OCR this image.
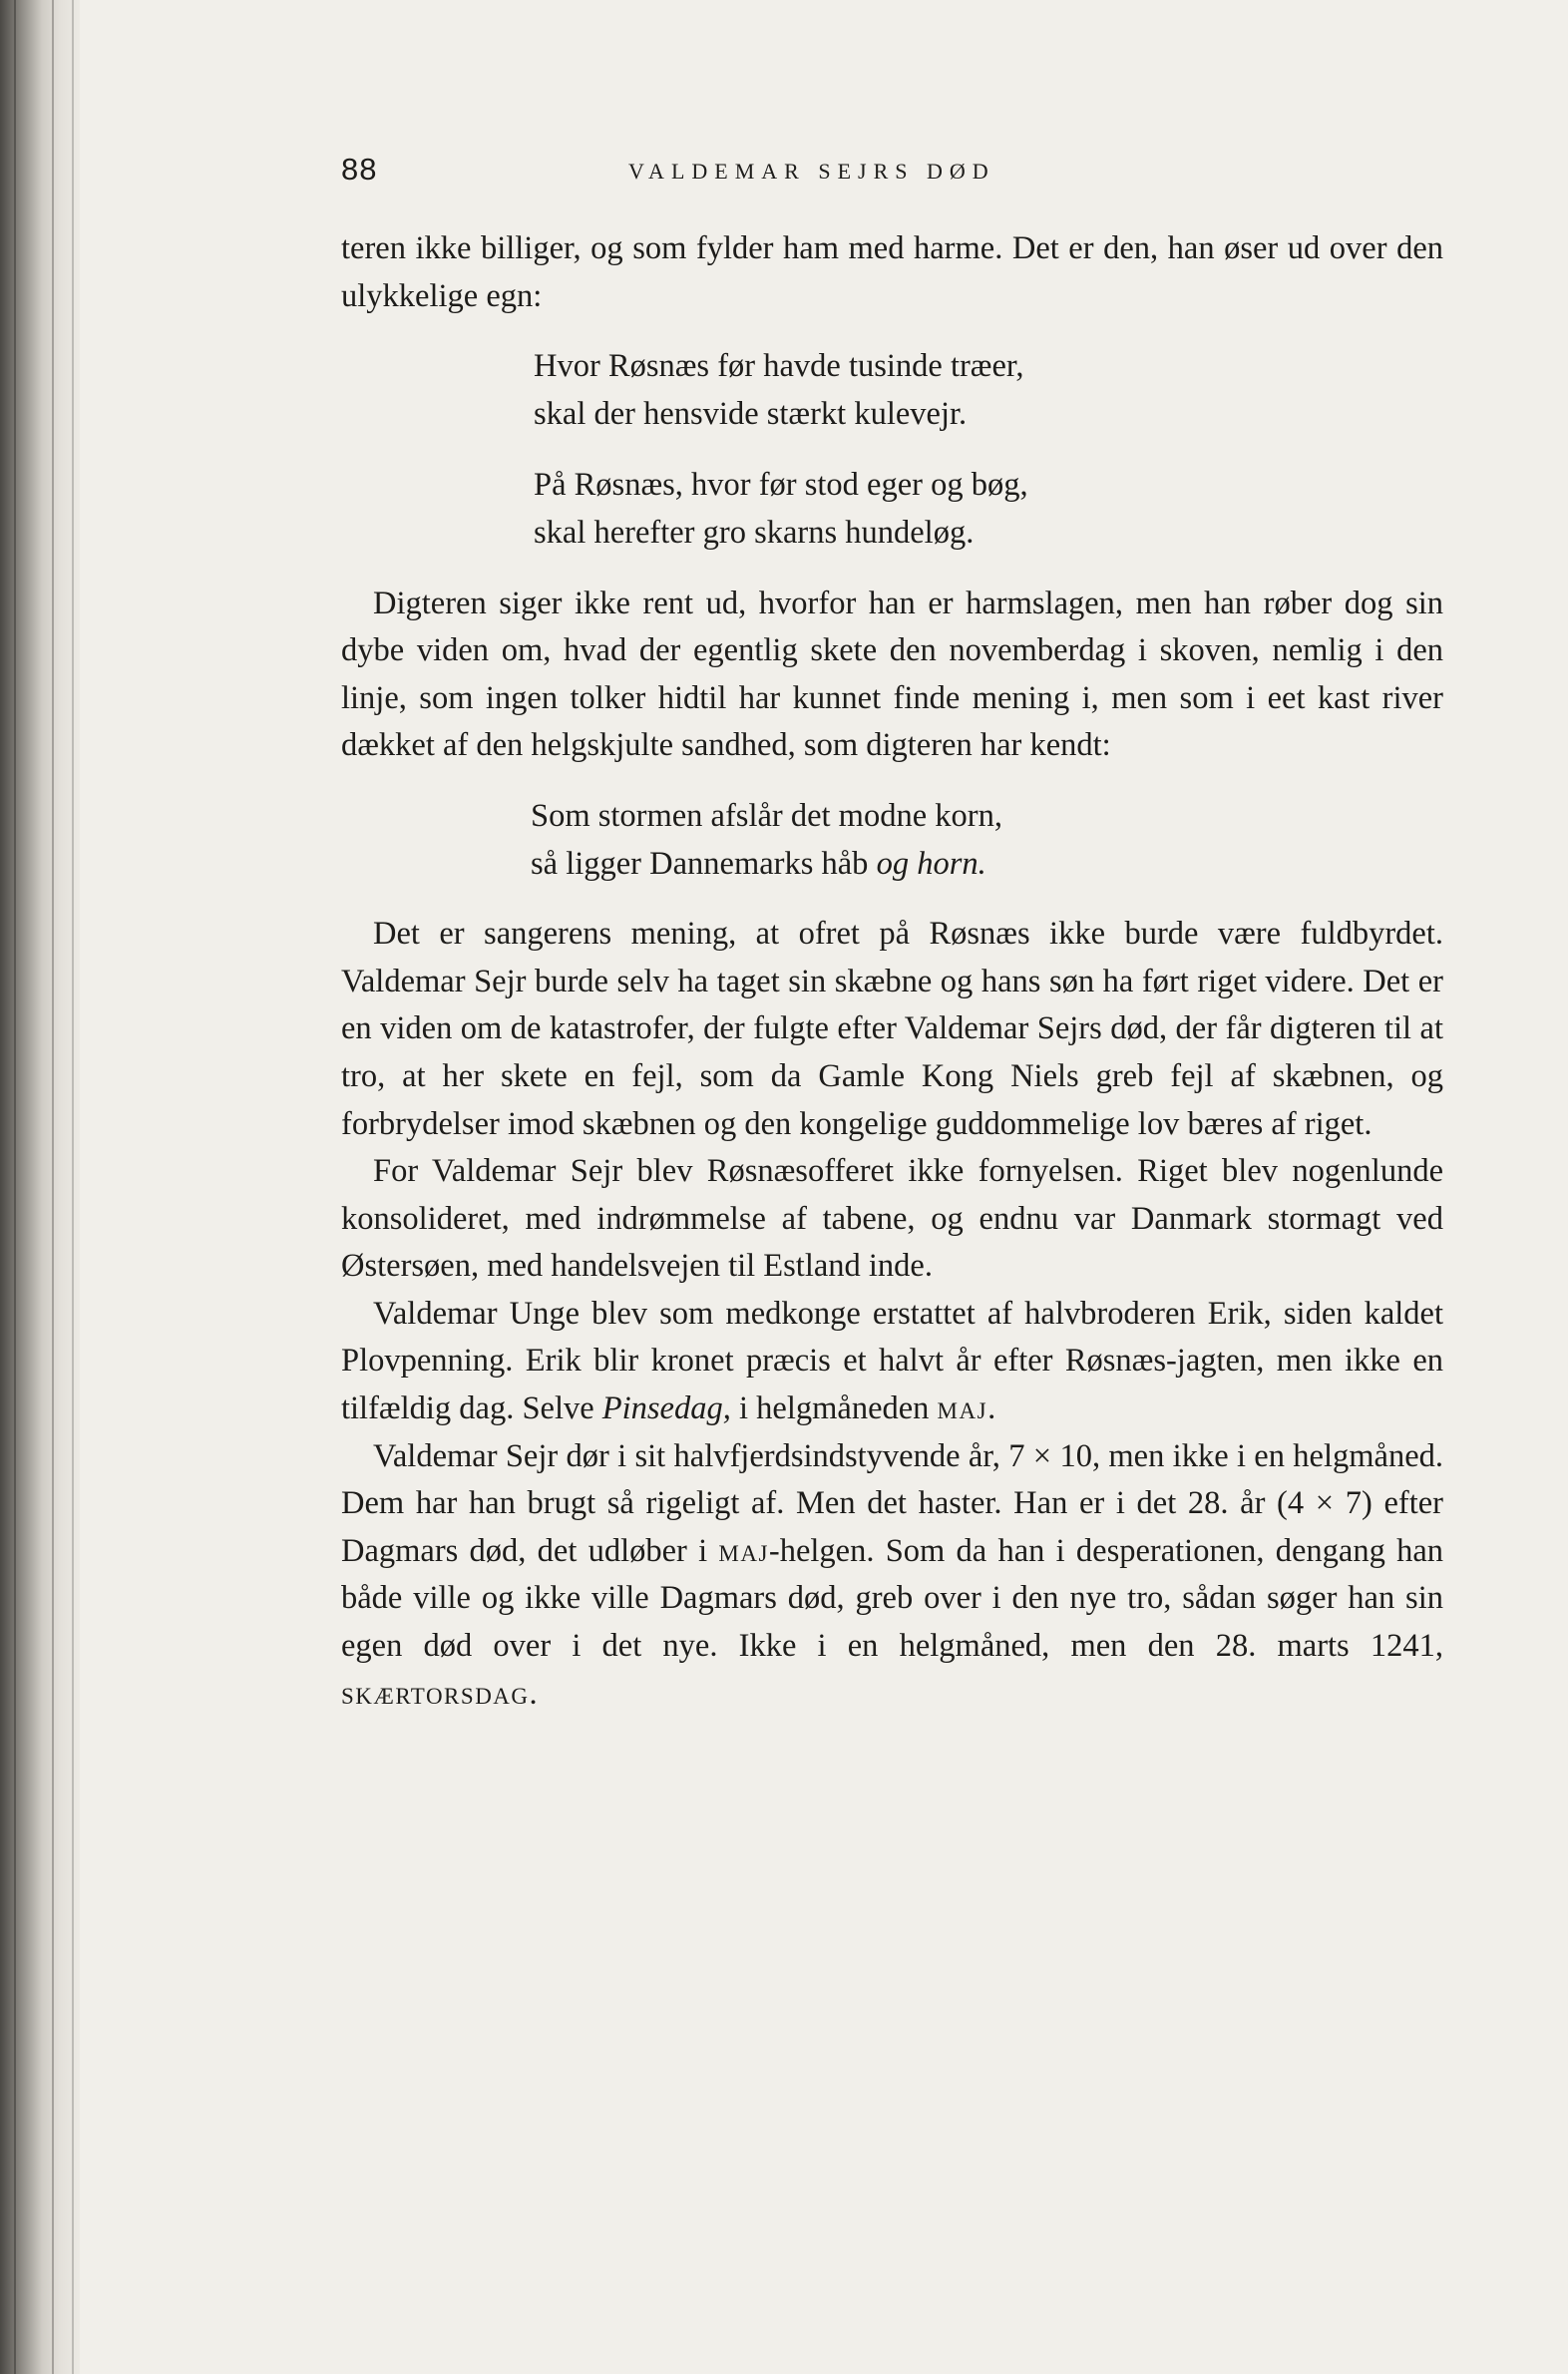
88	VALDEMAR SEJRS DØD

teren ikke billiger, og som fylder ham med harme. Det er den, han øser ud over den ulykkelige egn:

Hvor Røsnæs før havde tusinde træer,
skal der hensvide stærkt kulevejr.
På Røsnæs, hvor før stod eger og bøg,
skal herefter gro skarns hundeløg.

Digteren siger ikke rent ud, hvorfor han er harmslagen, men han røber dog sin dybe viden om, hvad der egentlig skete den novemberdag i skoven, nemlig i den linje, som ingen tolker hidtil har kunnet finde mening i, men som i eet kast river dækket af den helgskjulte sandhed, som digteren har kendt:

Som stormen afslår det modne korn,
så ligger Dannemarks håb og horn.

Det er sangerens mening, at ofret på Røsnæs ikke burde være fuldbyrdet. Valdemar Sejr burde selv ha taget sin skæbne og hans søn ha ført riget videre. Det er en viden om de katastrofer, der fulgte efter Valdemar Sejrs død, der får digteren til at tro, at her skete en fejl, som da Gamle Kong Niels greb fejl af skæbnen, og forbrydelser imod skæbnen og den kongelige guddommelige lov bæres af riget.

For Valdemar Sejr blev Røsnæsofferet ikke fornyelsen. Riget blev nogenlunde konsolideret, med indrømmelse af tabene, og endnu var Danmark stormagt ved Østersøen, med handelsvejen til Estland inde.

Valdemar Unge blev som medkonge erstattet af halvbroderen Erik, siden kaldet Plovpenning. Erik blir kronet præcis et halvt år efter Røsnæs-jagten, men ikke en tilfældig dag. Selve Pinsedag, i helgmåneden maj.

Valdemar Sejr dør i sit halvfjerdsindstyvende år, 7 × 10, men ikke i en helgmåned. Dem har han brugt så rigeligt af. Men det haster. Han er i det 28. år (4 × 7) efter Dagmars død, det udløber i maj-helgen. Som da han i desperationen, dengang han både ville og ikke ville Dagmars død, greb over i den nye tro, sådan søger han sin egen død over i det nye. Ikke i en helgmåned, men den 28. marts 1241, skærtorsdag.
